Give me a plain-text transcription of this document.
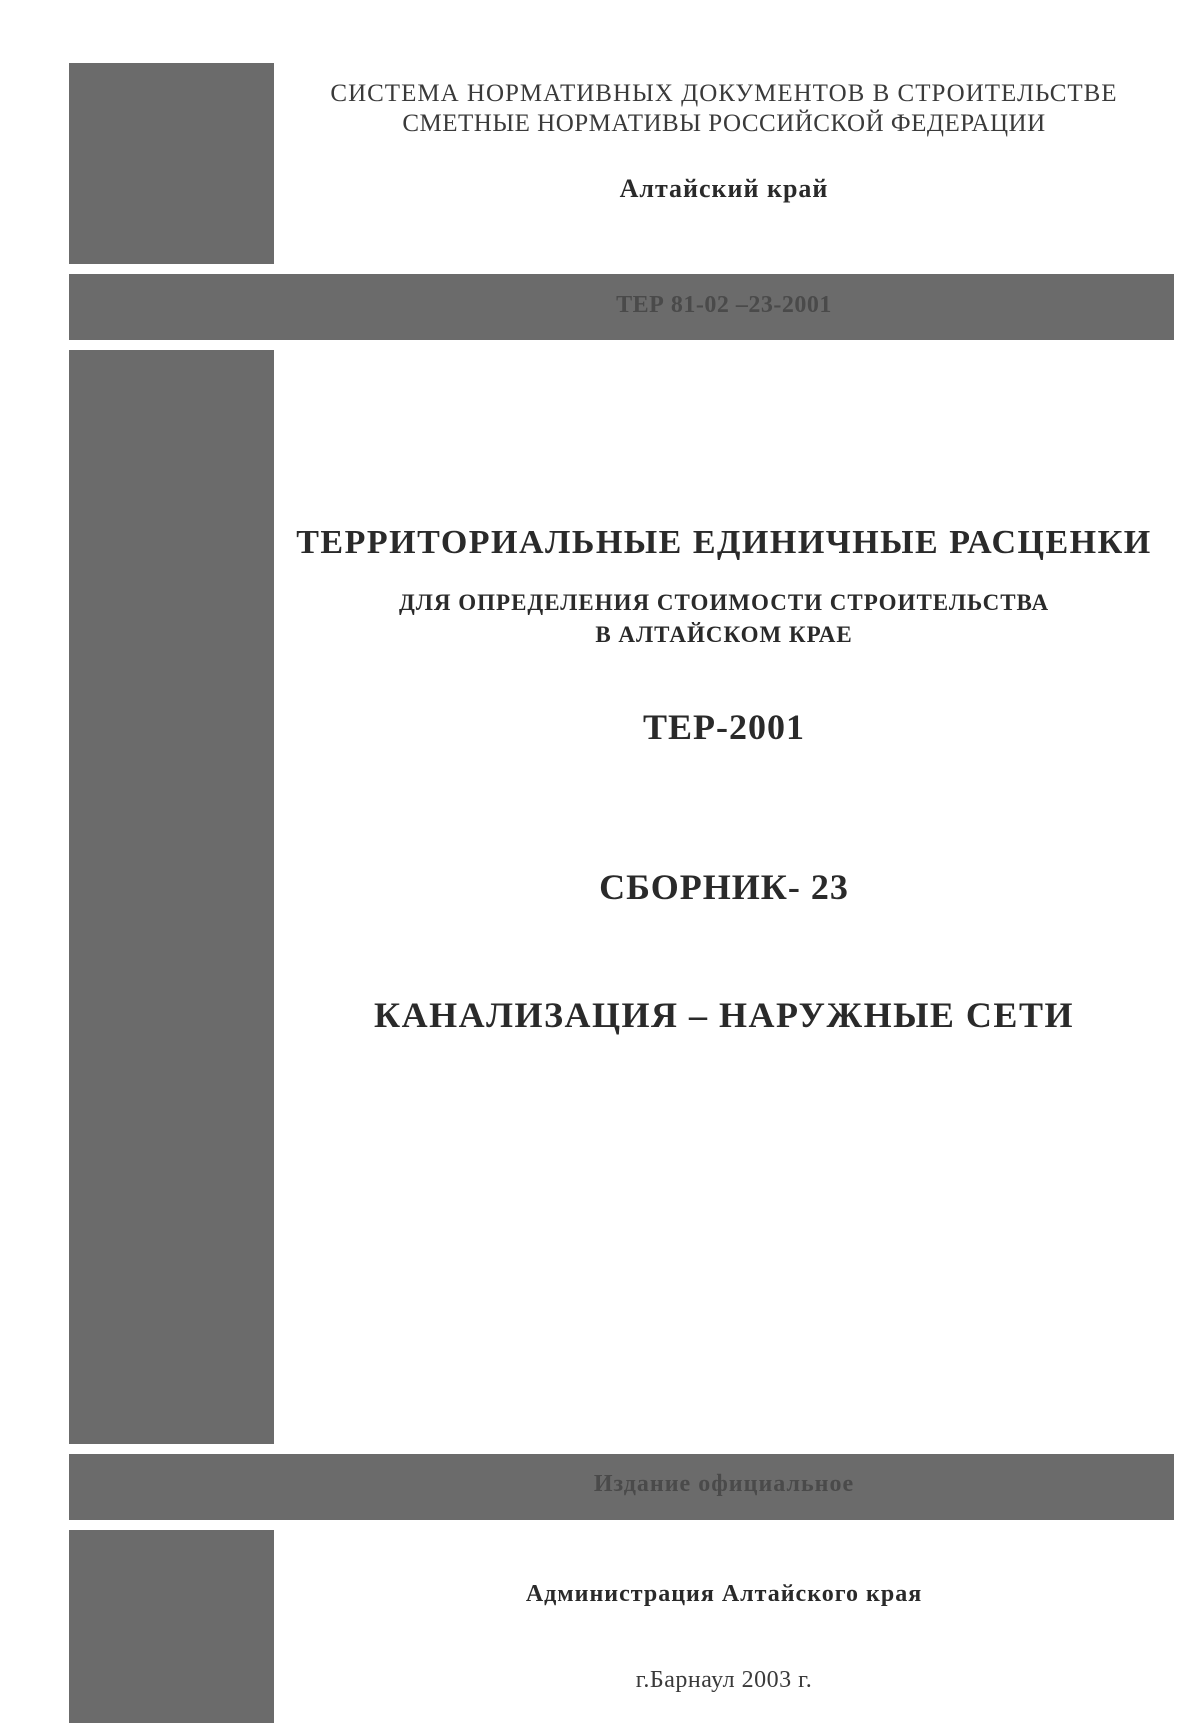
СИСТЕМА НОРМАТИВНЫХ ДОКУМЕНТОВ В СТРОИТЕЛЬСТВЕ
СМЕТНЫЕ НОРМАТИВЫ РОССИЙСКОЙ ФЕДЕРАЦИИ
Алтайский край
ТЕР 81-02 –23-2001
ТЕРРИТОРИАЛЬНЫЕ ЕДИНИЧНЫЕ РАСЦЕНКИ
ДЛЯ ОПРЕДЕЛЕНИЯ СТОИМОСТИ СТРОИТЕЛЬСТВА
В АЛТАЙСКОМ КРАЕ
ТЕР-2001
СБОРНИК- 23
КАНАЛИЗАЦИЯ – НАРУЖНЫЕ СЕТИ
Издание официальное
Администрация Алтайского края
г.Барнаул 2003 г.
